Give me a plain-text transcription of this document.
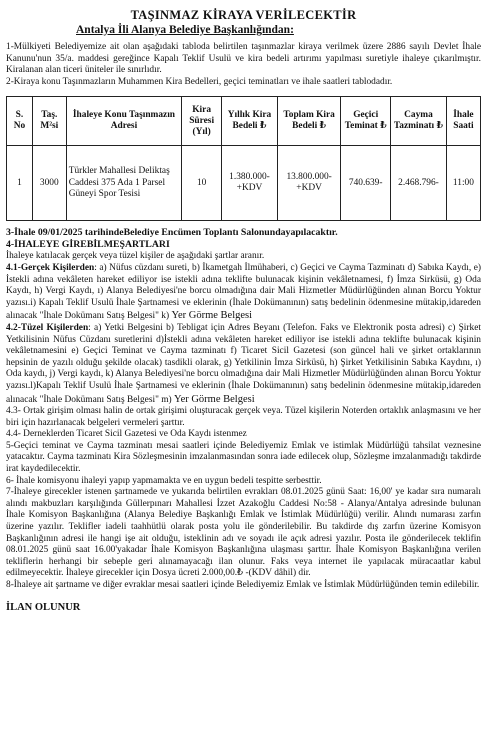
TAŞINMAZ KİRAYA VERİLECEKTİR
Antalya İli Alanya Belediye Başkanlığından:

1-Mülkiyeti Belediyemize ait olan aşağıdaki tabloda belirtilen taşınmazlar kiraya verilmek üzere 2886 sayılı Devlet İhale Kanunu'nun 35/a. maddesi gereğince Kapalı Teklif Usulü ve kira bedeli artırımı yapılması suretiyle ihaleye çıkarılmıştır. Kiralanan alan ticeri üniteler ile sınırlıdır.

2-Kiraya konu Taşınmazların Muhammen Kira Bedelleri, geçici teminatları ve ihale saatleri tablodadır.

S. No	Taş. M²si	İhaleye Konu Taşınmazın Adresi	Kira Süresi (Yıl)	Yıllık Kira Bedeli ₺	Toplam Kira Bedeli ₺	Geçici Teminat ₺	Cayma Tazminatı ₺	İhale Saati
1	3000	Türkler Mahallesi Deliktaş Caddesi 375 Ada 1 Parsel Güneyi Spor Tesisi	10	1.380.000-+KDV	13.800.000-+KDV	740.639-	2.468.796-	11:00

3-İhale 09/01/2025 tarihindeBelediye Encümen Toplantı Salonundayapılacaktır.

4-İHALEYE GİREBİLMEŞARTLARI

İhaleye katılacak gerçek veya tüzel kişiler de aşağıdaki şartlar aranır.

4.1-Gerçek Kişilerden: a) Nüfus cüzdanı sureti, b) İkametgah İlmühaberi, c) Geçici ve Cayma Tazminatı d) Sabıka Kaydı, e) İstekli adına vekâleten hareket ediliyor ise istekli adına teklifte bulunacak kişinin vekâletnamesi, f) İmza Sirküsü, g) Oda Kaydı, h) Vergi Kaydı, ı) Alanya Belediyesi'ne borcu olmadığına dair Mali Hizmetler Müdürlüğünden alınan Borcu Yoktur yazısı.i) Kapalı Teklif Usulü İhale Şartnamesi ve eklerinin (İhale Dokümanının) satış bedelinin ödenmesine mütakip,idareden alınacak "İhale Dokümanı Satış Belgesi" k) Yer Görme Belgesi

4.2-Tüzel Kişilerden: a) Yetki Belgesini b) Tebligat için Adres Beyanı (Telefon. Faks ve Elektronik posta adresi) c) Şirket Yetkilisinin Nüfus Cüzdanı suretlerini d)İstekli adına vekâleten hareket ediliyor ise istekli adına teklifte bulunacak kişinin vekâletnamesini e) Geçici Teminat ve Cayma tazminatı f) Ticaret Sicil Gazetesi (son güncel hali ve şirket ortaklarının hepsinin de yazılı olduğu şekilde olacak) tasdikli olarak, g) Yetkilinin İmza Sirküsü, h) Şirket Yetkilisinin Sabıka Kaydını, ı) Oda kaydı, j) Vergi kaydı, k) Alanya Belediyesi'ne borcu olmadığına dair Mali Hizmetler Müdürlüğünden alınan Borcu Yoktur yazısı.l)Kapalı Teklif Usulü İhale Şartnamesi ve eklerinin (İhale Dokümanının) satış bedelinin ödenmesine mütakip,idareden alınacak "İhale Dokümanı Satış Belgesi" m) Yer Görme Belgesi

4.3- Ortak girişim olması halin de ortak girişimi oluşturacak gerçek veya. Tüzel kişilerin Noterden ortaklık anlaşmasını ve her biri için hazırlanacak belgeleri vermeleri şarttır.

4.4- Derneklerden Ticaret Sicil Gazetesi ve Oda Kaydı istenmez

5-Geçici teminat ve Cayma tazminatı mesai saatleri içinde Belediyemiz Emlak ve istimlak Müdürlüğü tahsilat veznesine yatacaktır. Cayma tazminatı Kira Sözleşmesinin imzalanmasından sonra iade edilecek olup, Sözleşme imzalanmadığı takdirde irat kaydedilecektir.

6- İhale komisyonu ihaleyi yapıp yapmamakta ve en uygun bedeli tespitte serbesttir.

7-İhaleye girecekler istenen şartnamede ve yukarıda belirtilen evrakları 08.01.2025 günü Saat: 16,00' ye kadar sıra numaralı alındı makbuzları karşılığında Güllerpınarı Mahallesi İzzet Azakoğlu Caddesi No:58 - Alanya/Antalya adresinde bulunan İhale Komisyon Başkanlığına (Alanya Belediye Başkanlığı Emlak ve İstimlak Müdürlüğü) verilir. Alındı numarası zarfın üzerine yazılır. Teklifler iadeli taahhütlü olarak posta yolu ile gönderilebilir. Bu takdirde dış zarfın üzerine Komisyon Başkanlığının adresi ile hangi işe ait olduğu, isteklinin adı ve soyadı ile açık adresi yazılır. Posta ile gönderilecek teklifin 08.01.2025 günü saat 16.00'yakadar İhale Komisyon Başkanlığına ulaşması şarttır. İhale Komisyon Başkanlığına verilen tekliflerin herhangi bir sebeple geri alınamayacağı ilan olunur. Faks veya internet ile yapılacak müracaatlar kabul edilmeyecektir. İhaleye girecekler için Dosya ücreti 2.000,00.₺ -(KDV dâhil) dir.

8-İhaleye ait şartname ve diğer evraklar mesai saatleri içinde Belediyemiz Emlak ve İstimlak Müdürlüğünden temin edilebilir.

İLAN OLUNUR
